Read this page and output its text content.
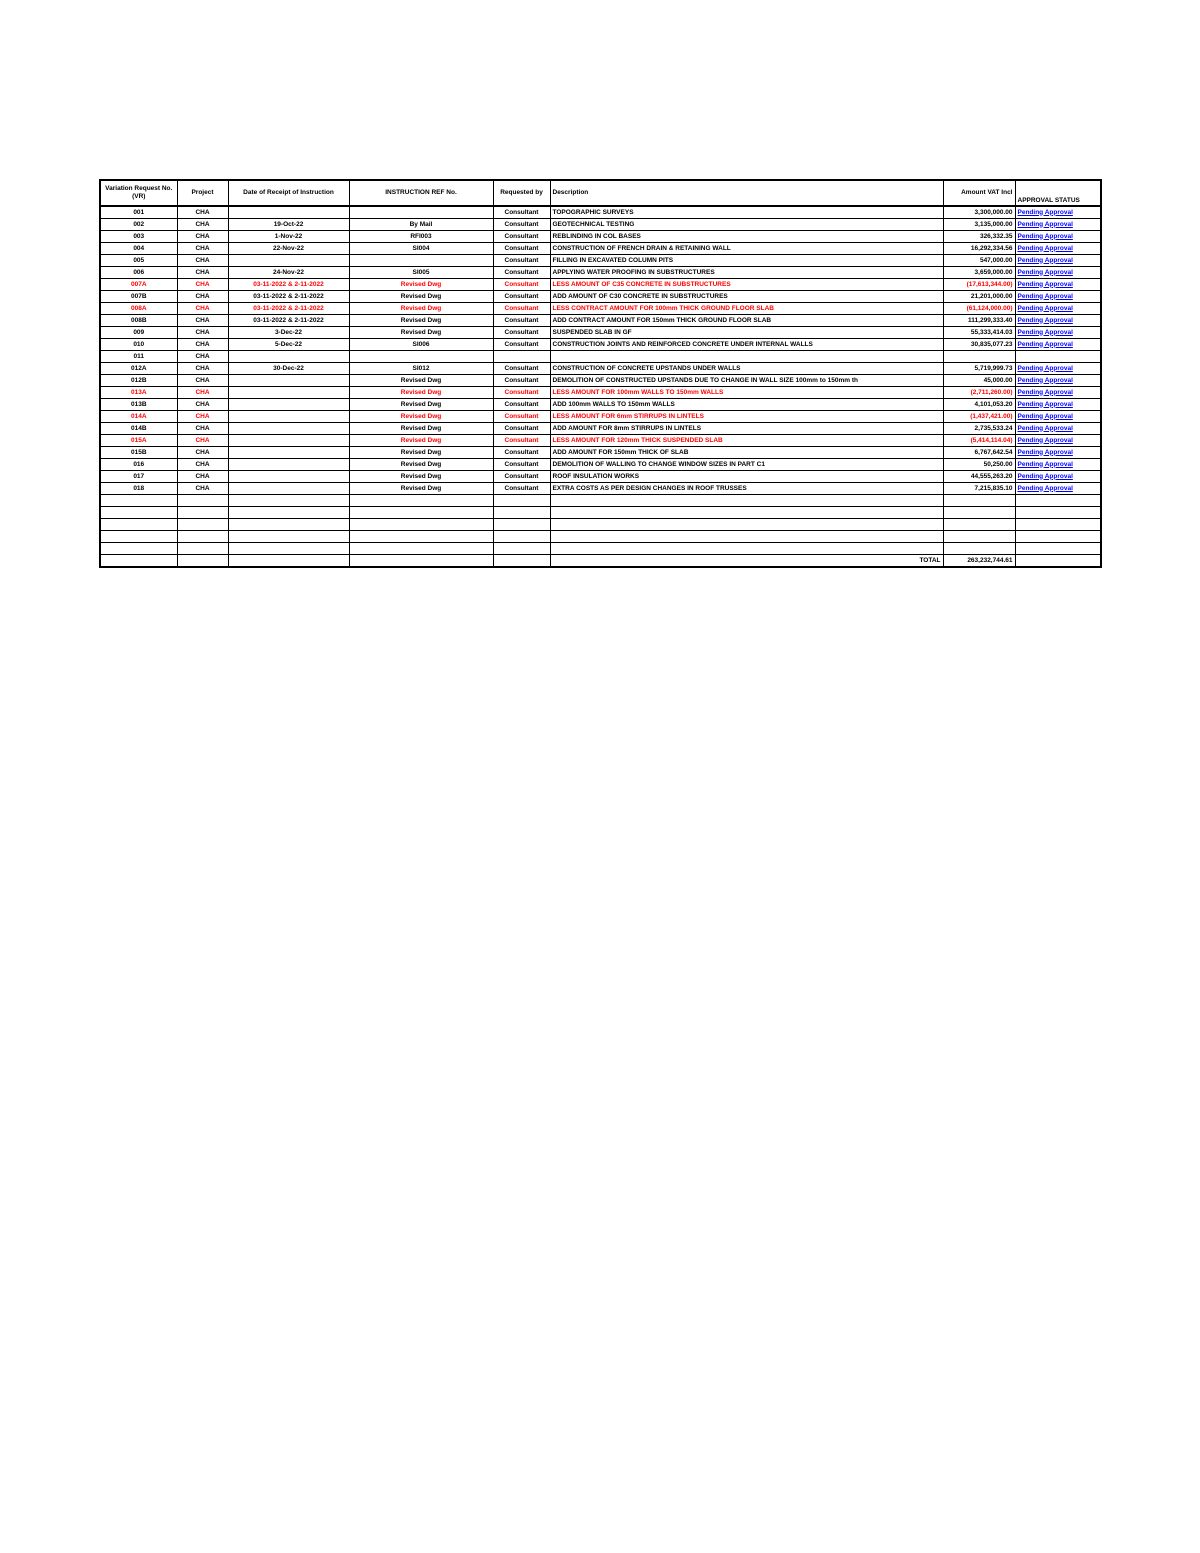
Variation Request No. (VR)	Project	Date of Receipt of Instruction	INSTRUCTION REF No.	Requested by	Description	Amount VAT Incl	APPROVAL STATUS
001	CHA			Consultant	TOPOGRAPHIC SURVEYS	3,300,000.00	Pending Approval
002	CHA	19-Oct-22	By Mail	Consultant	GEOTECHNICAL TESTING	3,135,000.00	Pending Approval
003	CHA	1-Nov-22	RFI003	Consultant	REBLINDING IN COL BASES	326,332.35	Pending Approval
004	CHA	22-Nov-22	SI004	Consultant	CONSTRUCTION OF FRENCH DRAIN & RETAINING WALL	16,292,334.56	Pending Approval
005	CHA			Consultant	FILLING IN EXCAVATED COLUMN PITS	547,000.00	Pending Approval
006	CHA	24-Nov-22	SI005	Consultant	APPLYING WATER PROOFING IN SUBSTRUCTURES	3,659,000.00	Pending Approval
007A	CHA	03-11-2022 & 2-11-2022	Revised Dwg	Consultant	LESS AMOUNT OF C35 CONCRETE IN SUBSTRUCTURES	(17,613,344.00)	Pending Approval
007B	CHA	03-11-2022 & 2-11-2022	Revised Dwg	Consultant	ADD AMOUNT OF C30 CONCRETE IN SUBSTRUCTURES	21,201,000.00	Pending Approval
008A	CHA	03-11-2022 & 2-11-2022	Revised Dwg	Consultant	LESS CONTRACT AMOUNT FOR 100mm THICK GROUND FLOOR SLAB	(61,124,000.00)	Pending Approval
008B	CHA	03-11-2022 & 2-11-2022	Revised Dwg	Consultant	ADD CONTRACT AMOUNT FOR 150mm THICK GROUND FLOOR SLAB	111,299,333.40	Pending Approval
009	CHA	3-Dec-22	Revised Dwg	Consultant	SUSPENDED SLAB IN GF	55,333,414.03	Pending Approval
010	CHA	5-Dec-22	SI006	Consultant	CONSTRUCTION JOINTS AND REINFORCED CONCRETE UNDER INTERNAL WALLS	30,835,077.23	Pending Approval
011	CHA						
012A	CHA	30-Dec-22	SI012	Consultant	CONSTRUCTION OF CONCRETE UPSTANDS UNDER WALLS	5,719,999.73	Pending Approval
012B	CHA		Revised Dwg	Consultant	DEMOLITION OF CONSTRUCTED UPSTANDS DUE TO CHANGE IN WALL SIZE 100mm to 150mm th	45,000.00	Pending Approval
013A	CHA		Revised Dwg	Consultant	LESS AMOUNT FOR 100mm WALLS TO 150mm WALLS	(2,711,260.00)	Pending Approval
013B	CHA		Revised Dwg	Consultant	ADD 100mm WALLS TO 150mm WALLS	4,101,053.20	Pending Approval
014A	CHA		Revised Dwg	Consultant	LESS AMOUNT FOR 6mm STIRRUPS IN LINTELS	(1,437,421.00)	Pending Approval
014B	CHA		Revised Dwg	Consultant	ADD AMOUNT FOR 8mm STIRRUPS IN LINTELS	2,735,533.24	Pending Approval
015A	CHA		Revised Dwg	Consultant	LESS AMOUNT FOR 120mm THICK SUSPENDED SLAB	(5,414,114.04)	Pending Approval
015B	CHA		Revised Dwg	Consultant	ADD AMOUNT FOR 150mm THICK OF SLAB	6,767,642.54	Pending Approval
016	CHA		Revised Dwg	Consultant	DEMOLITION OF WALLING TO CHANGE WINDOW SIZES IN PART C1	50,250.00	Pending Approval
017	CHA		Revised Dwg	Consultant	ROOF INSULATION WORKS	44,555,263.20	Pending Approval
018	CHA		Revised Dwg	Consultant	EXTRA COSTS AS PER DESIGN CHANGES IN ROOF TRUSSES	7,215,835.10	Pending Approval

					TOTAL	263,232,744.61	
